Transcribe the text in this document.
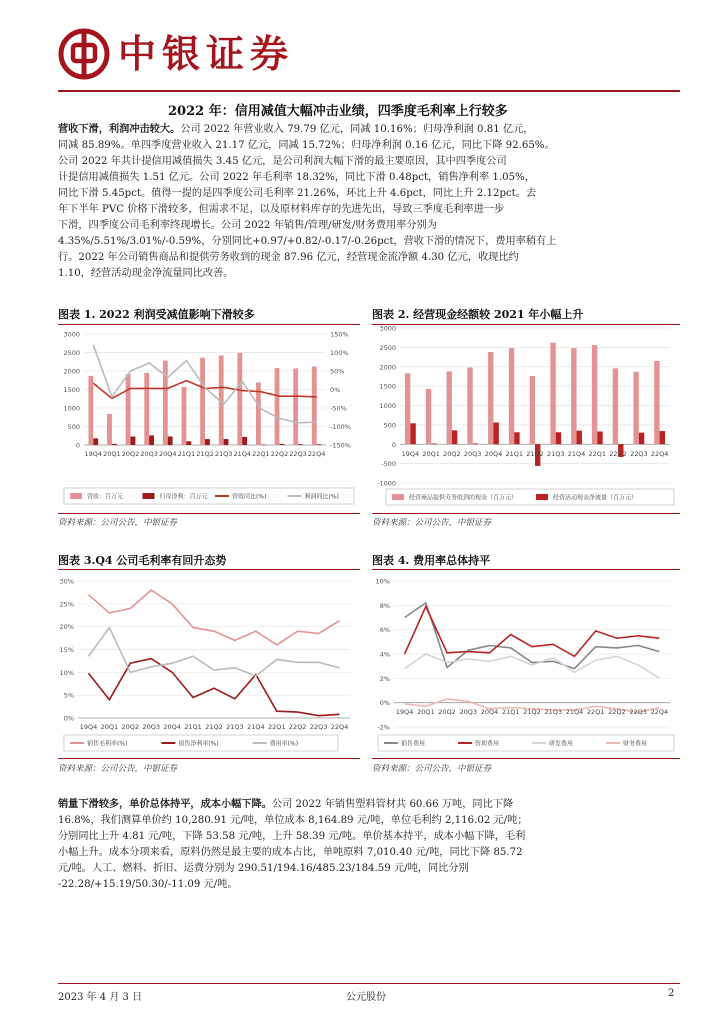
中银证券
2022 年：信用减值大幅冲击业绩，四季度毛利率上行较多
营收下滑，利润冲击较大。公司 2022 年营业收入 79.79 亿元，同减 10.16%；归母净利润 0.81 亿元，
同减 85.89%。单四季度营业收入 21.17 亿元，同减 15.72%；归母净利润 0.16 亿元，同比下降 92.65%。
公司 2022 年共计提信用减值损失 3.45 亿元，是公司利润大幅下滑的最主要原因，其中四季度公司
计提信用减值损失 1.51 亿元。公司 2022 年毛利率 18.32%，同比下滑 0.48pct，销售净利率 1.05%，
同比下滑 5.45pct。值得一提的是四季度公司毛利率 21.26%，环比上升 4.6pct，同比上升 2.12pct。去
年下半年 PVC 价格下滑较多，但需求不足，以及原材料库存的先进先出，导致三季度毛利率进一步
下滑，四季度公司毛利率终现增长。公司 2022 年销售/管理/研发/财务费用率分别为
4.35%/5.51%/3.01%/-0.59%，分别同比+0.97/+0.82/-0.17/-0.26pct，营收下滑的情况下，费用率稍有上
行。2022 年公司销售商品和提供劳务收到的现金 87.96 亿元，经营现金流净额 4.30 亿元，收现比约
1.10，经营活动现金净流量同比改善。
图表 1. 2022 利润受减值影响下滑较多
0
500
1000
1500
2000
2500
3000
-150%
-100%
-50%
0%
50%
100%
150%
19Q4 20Q1 20Q2 20Q3 20Q4 21Q1 21Q2 21Q3 21Q4 22Q1 22Q2 22Q3 22Q4
营收：百万元	归母净利：百万元	营收同比(%)	利润同比(%)
资料来源：公司公告，中银证券
图表 2. 经营现金经额较 2021 年小幅上升
-1000
-500
0
500
1000
1500
2000
2500
3000
19Q4 20Q1 20Q2 20Q3 20Q4 21Q1 21Q2 21Q3 21Q4 22Q1 22Q2 22Q3 22Q4
经营商品提供劳务收到的现金（百万元）	经营活动现金净流量（百万元）
资料来源：公司公告，中银证券
图表 3.Q4 公司毛利率有回升态势
0%
5%
10%
15%
20%
25%
30%
19Q4 20Q1 20Q2 20Q3 20Q4 21Q1 21Q2 21Q3 21Q4 22Q1 22Q2 22Q3 22Q4
销售毛利率(%)	销售净利率(%)	费用率(%)
资料来源：公司公告，中银证券
图表 4. 费用率总体持平
-2%
0%
2%
4%
6%
8%
10%
19Q4 20Q1 20Q2 20Q3 20Q4 21Q1 21Q2 21Q3 21Q4 22Q1 22Q2 22Q3 22Q4
销售费用	管理费用	研发费用	财务费用
资料来源：公司公告，中银证券
销量下滑较多，单价总体持平，成本小幅下降。公司 2022 年销售塑料管材共 60.66 万吨，同比下降
16.8%，我们测算单价约 10,280.91 元/吨，单位成本 8,164.89 元/吨，单位毛利约 2,116.02 元/吨；
分别同比上升 4.81 元/吨，下降 53.58 元/吨，上升 58.39 元/吨。单价基本持平，成本小幅下降，毛利
小幅上升。成本分项来看，原料仍然是最主要的成本占比，单吨原料 7,010.40 元/吨，同比下降 85.72
元/吨。人工、燃料、折旧、运费分别为 290.51/194.16/485.23/184.59 元/吨，同比分别
-22.28/+15.19/50.30/-11.09 元/吨。
2023 年 4 月 3 日	公元股份	2
